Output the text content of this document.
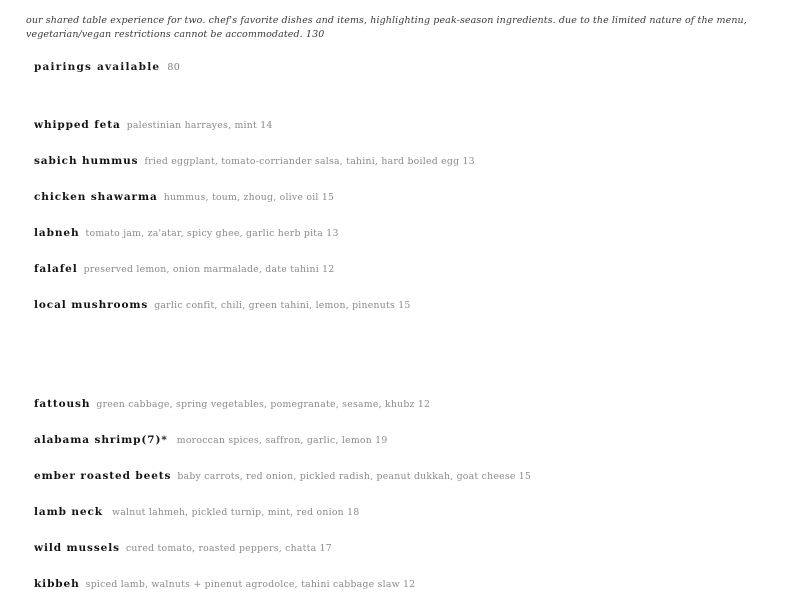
our shared table experience for two. chef's favorite dishes and items, highlighting peak-season ingredients. due to the limited nature of the menu, vegetarian/vegan restrictions cannot be accommodated. 130
pairings available 80
whipped feta palestinian harrayes, mint 14
sabich hummus fried eggplant, tomato-corriander salsa, tahini, hard boiled egg 13
chicken shawarma hummus, toum, zhoug, olive oil 15
labneh tomato jam, za'atar, spicy ghee, garlic herb pita 13
falafel preserved lemon, onion marmalade, date tahini 12
local mushrooms garlic confit, chili, green tahini, lemon, pinenuts 15
fattoush green cabbage, spring vegetables, pomegranate, sesame, khubz 12
alabama shrimp(7)* moroccan spices, saffron, garlic, lemon 19
ember roasted beets baby carrots, red onion, pickled radish, peanut dukkah, goat cheese 15
lamb neck walnut lahmeh, pickled turnip, mint, red onion 18
wild mussels cured tomato, roasted peppers, chatta 17
kibbeh spiced lamb, walnuts + pinenut agrodolce, tahini cabbage slaw 12
